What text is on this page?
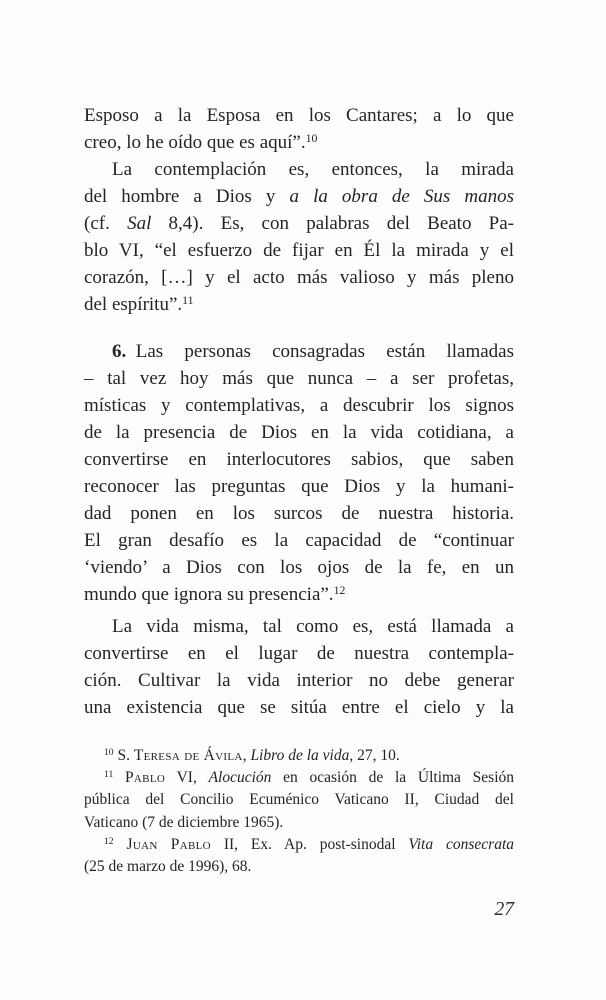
Esposo a la Esposa en los Cantares; a lo que
creo, lo he oído que es aquí”.$^{10}$

La contemplación es, entonces, la mirada
del hombre a Dios y a la obra de Sus manos
(cf. Sal 8,4). Es, con palabras del Beato Pa-
blo VI, “el esfuerzo de fijar en Él la mirada y el
corazón, […] y el acto más valioso y más pleno
del espíritu”.$^{11}$

6. Las personas consagradas están llamadas
– tal vez hoy más que nunca – a ser profetas,
místicas y contemplativas, a descubrir los signos
de la presencia de Dios en la vida cotidiana, a
convertirse en interlocutores sabios, que saben
reconocer las preguntas que Dios y la humani-
dad ponen en los surcos de nuestra historia.
El gran desafío es la capacidad de “continuar
‘viendo’ a Dios con los ojos de la fe, en un
mundo que ignora su presencia”.$^{12}$

La vida misma, tal como es, está llamada a
convertirse en el lugar de nuestra contempla-
ción. Cultivar la vida interior no debe generar
una existencia que se sitúa entre el cielo y la

$^{10}$ S. Teresa de Ávila, Libro de la vida, 27, 10.

$^{11}$ Pablo VI, Alocución en ocasión de la Última Sesión
pública del Concilio Ecuménico Vaticano II, Ciudad del
Vaticano (7 de diciembre 1965).

$^{12}$ Juan Pablo II, Ex. Ap. post-sinodal Vita consecrata
(25 de marzo de 1996), 68.

27
